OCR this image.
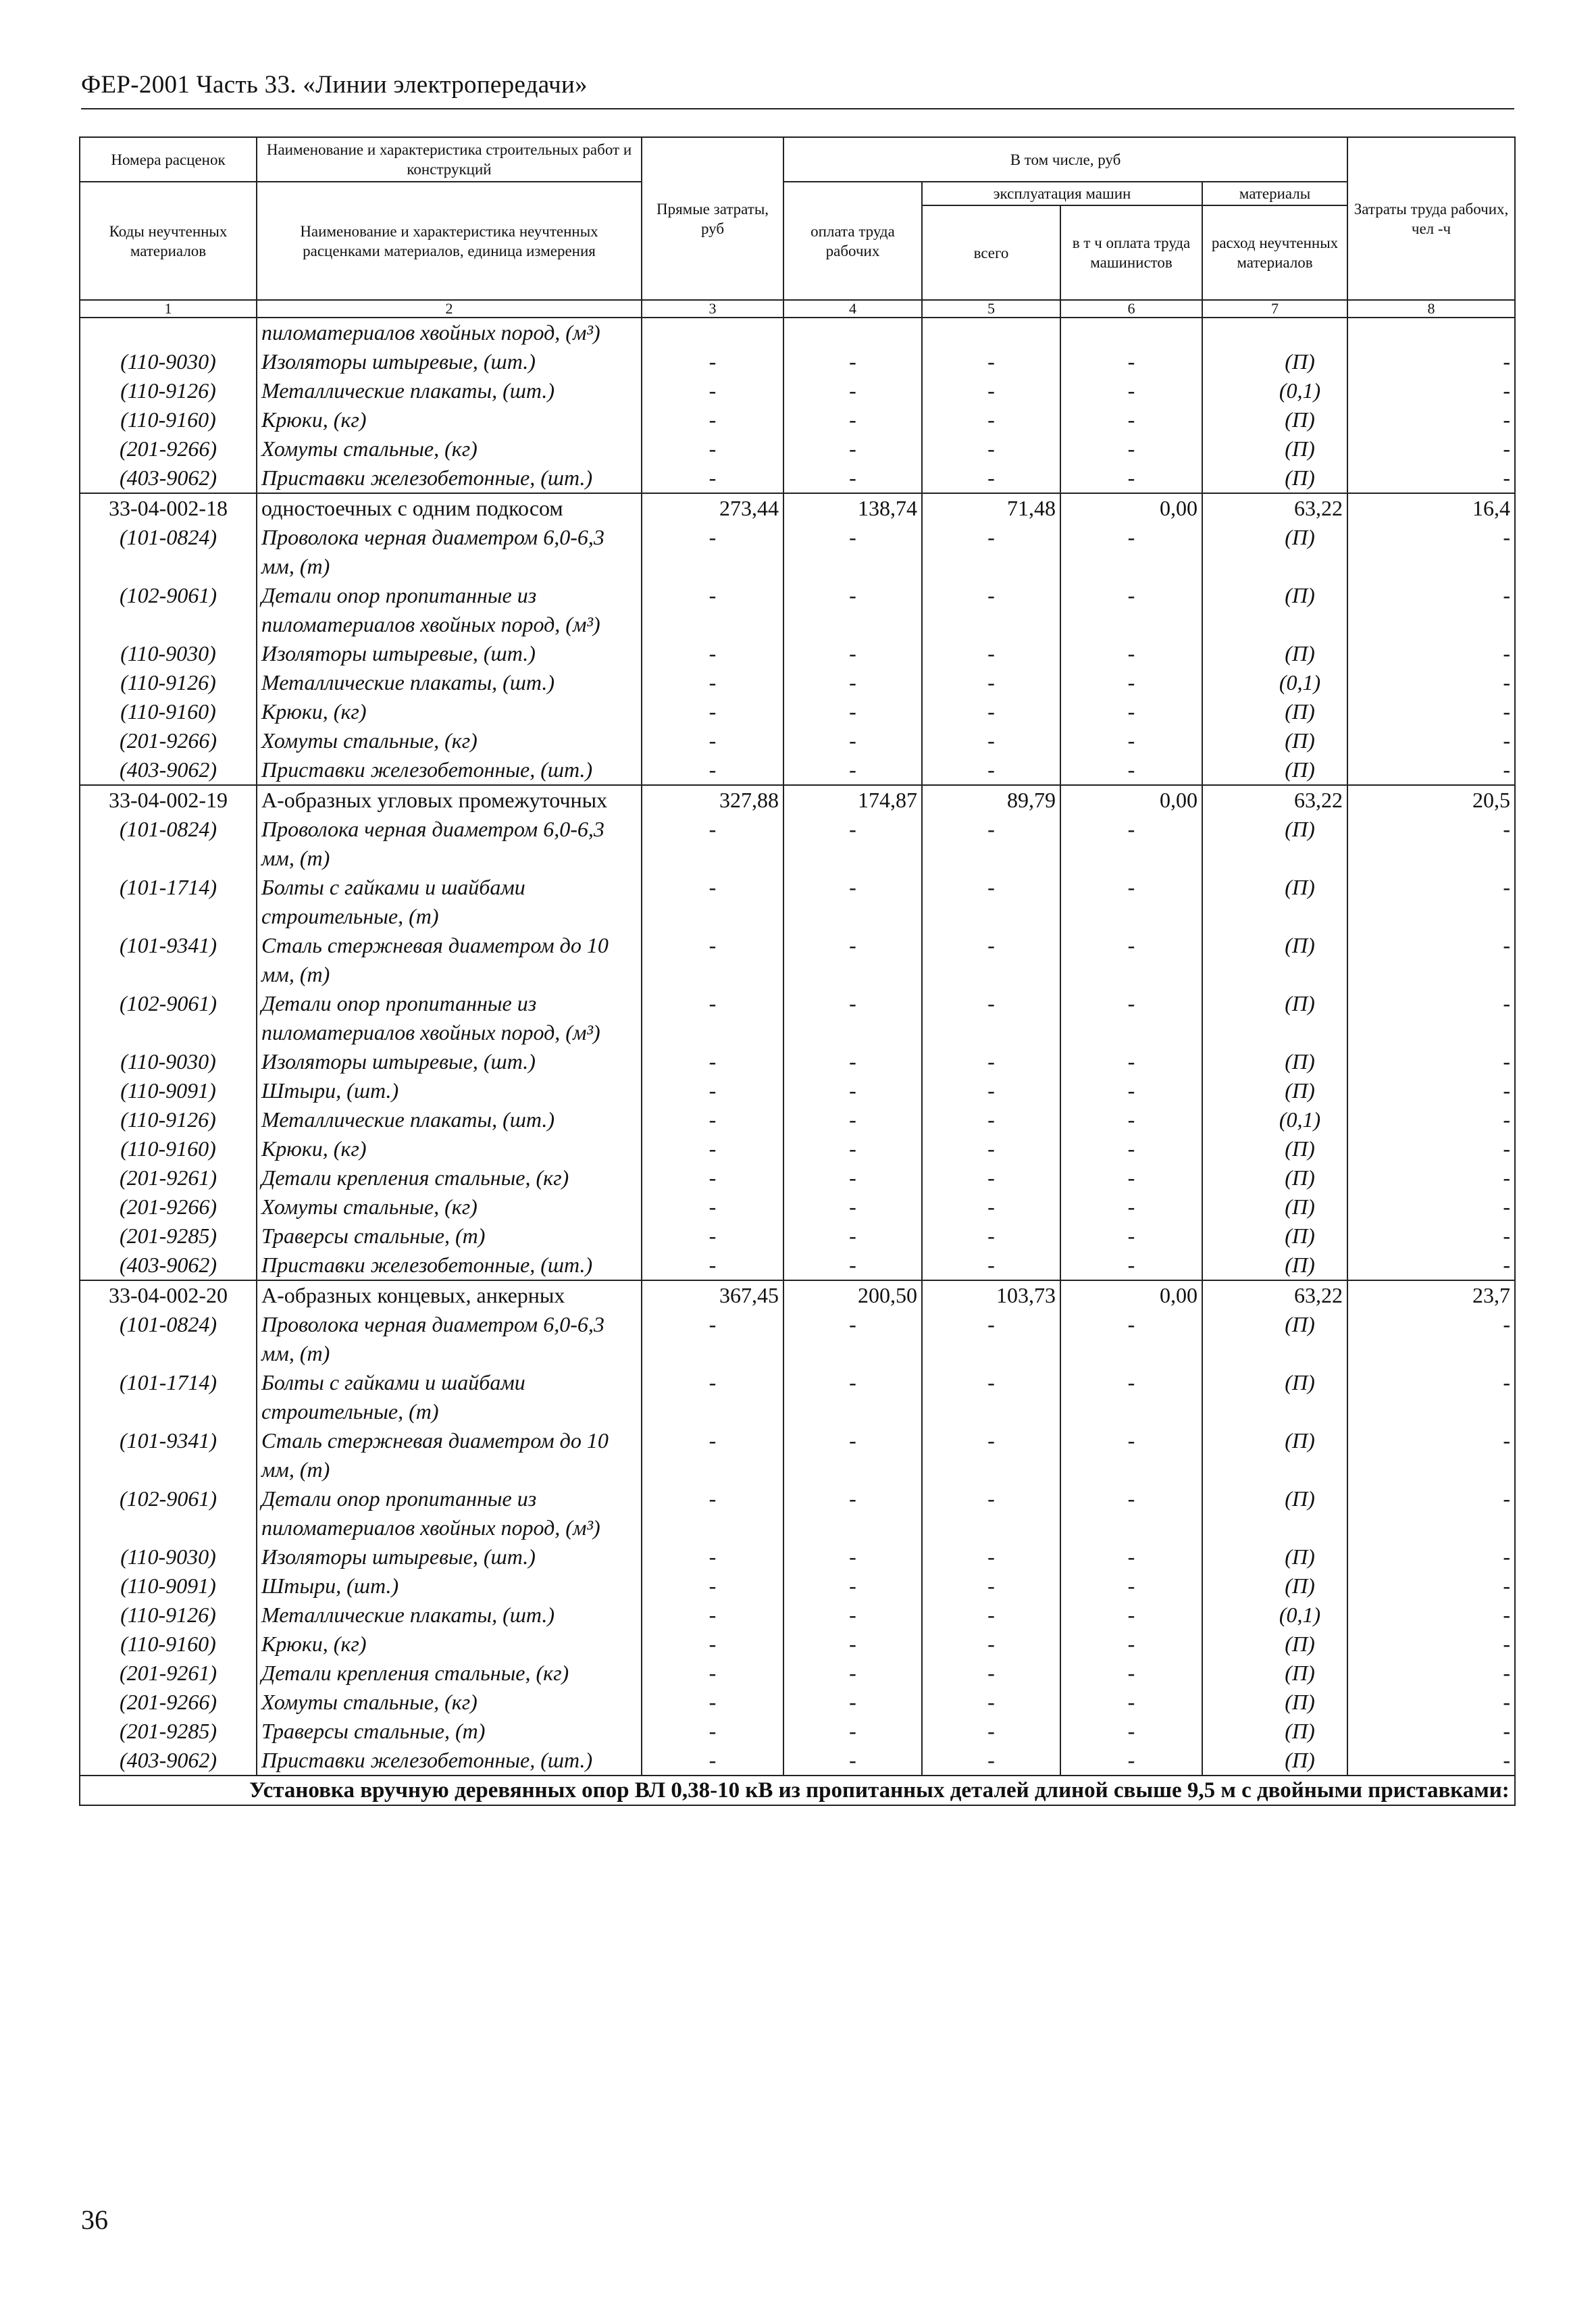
ФЕР-2001 Часть 33. «Линии электропередачи»
Номера расценок	Наименование и характеристика строительных работ и конструкций	Прямые затраты, руб	В том числе, руб				Затраты труда рабочих, чел -ч
Коды неучтенных материалов	Наименование и характеристика неучтенных расценками материалов, единица измерения		оплата труда рабочих	эксплуатация машин		материалы	
				всего	в т ч оплата труда машинистов	расход неучтенных материалов	
1	2	3	4	5	6	7	8
	пиломатериалов хвойных пород, (м³)						
(110-9030)	Изоляторы штыревые, (шт.)	-	-	-	-	(П)	-
(110-9126)	Металлические плакаты, (шт.)	-	-	-	-	(0,1)	-
(110-9160)	Крюки, (кг)	-	-	-	-	(П)	-
(201-9266)	Хомуты стальные, (кг)	-	-	-	-	(П)	-
(403-9062)	Приставки железобетонные, (шт.)	-	-	-	-	(П)	-
33-04-002-18	одностоечных с одним подкосом	273,44	138,74	71,48	0,00	63,22	16,4
(101-0824)	Проволока черная диаметром 6,0-6,3 мм, (т)	-	-	-	-	(П)	-
(102-9061)	Детали опор пропитанные из пиломатериалов хвойных пород, (м³)	-	-	-	-	(П)	-
(110-9030)	Изоляторы штыревые, (шт.)	-	-	-	-	(П)	-
(110-9126)	Металлические плакаты, (шт.)	-	-	-	-	(0,1)	-
(110-9160)	Крюки, (кг)	-	-	-	-	(П)	-
(201-9266)	Хомуты стальные, (кг)	-	-	-	-	(П)	-
(403-9062)	Приставки железобетонные, (шт.)	-	-	-	-	(П)	-
33-04-002-19	А-образных угловых промежуточных	327,88	174,87	89,79	0,00	63,22	20,5
(101-0824)	Проволока черная диаметром 6,0-6,3 мм, (т)	-	-	-	-	(П)	-
(101-1714)	Болты с гайками и шайбами строительные, (т)	-	-	-	-	(П)	-
(101-9341)	Сталь стержневая диаметром до 10 мм, (т)	-	-	-	-	(П)	-
(102-9061)	Детали опор пропитанные из пиломатериалов хвойных пород, (м³)	-	-	-	-	(П)	-
(110-9030)	Изоляторы штыревые, (шт.)	-	-	-	-	(П)	-
(110-9091)	Штыри, (шт.)	-	-	-	-	(П)	-
(110-9126)	Металлические плакаты, (шт.)	-	-	-	-	(0,1)	-
(110-9160)	Крюки, (кг)	-	-	-	-	(П)	-
(201-9261)	Детали крепления стальные, (кг)	-	-	-	-	(П)	-
(201-9266)	Хомуты стальные, (кг)	-	-	-	-	(П)	-
(201-9285)	Траверсы стальные, (т)	-	-	-	-	(П)	-
(403-9062)	Приставки железобетонные, (шт.)	-	-	-	-	(П)	-
33-04-002-20	А-образных концевых, анкерных	367,45	200,50	103,73	0,00	63,22	23,7
(101-0824)	Проволока черная диаметром 6,0-6,3 мм, (т)	-	-	-	-	(П)	-
(101-1714)	Болты с гайками и шайбами строительные, (т)	-	-	-	-	(П)	-
(101-9341)	Сталь стержневая диаметром до 10 мм, (т)	-	-	-	-	(П)	-
(102-9061)	Детали опор пропитанные из пиломатериалов хвойных пород, (м³)	-	-	-	-	(П)	-
(110-9030)	Изоляторы штыревые, (шт.)	-	-	-	-	(П)	-
(110-9091)	Штыри, (шт.)	-	-	-	-	(П)	-
(110-9126)	Металлические плакаты, (шт.)	-	-	-	-	(0,1)	-
(110-9160)	Крюки, (кг)	-	-	-	-	(П)	-
(201-9261)	Детали крепления стальные, (кг)	-	-	-	-	(П)	-
(201-9266)	Хомуты стальные, (кг)	-	-	-	-	(П)	-
(201-9285)	Траверсы стальные, (т)	-	-	-	-	(П)	-
(403-9062)	Приставки железобетонные, (шт.)	-	-	-	-	(П)	-
Установка вручную деревянных опор ВЛ 0,38-10 кВ из пропитанных деталей длиной свыше 9,5 м с двойными приставками:							
36
